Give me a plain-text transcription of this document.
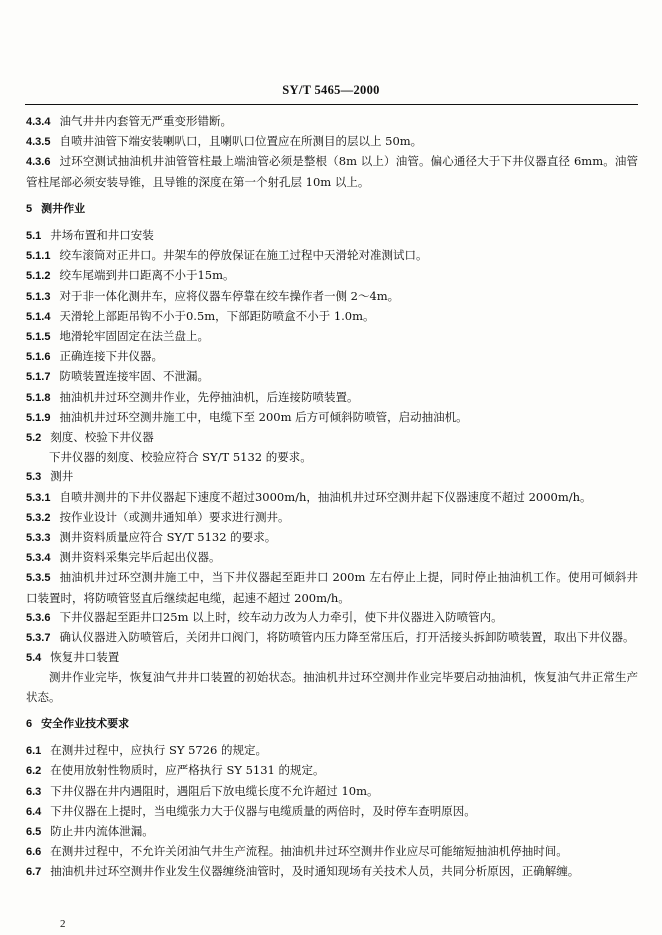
SY/T 5465—2000

4.3.4 油气井井内套管无严重变形错断。

4.3.5 自喷井油管下端安装喇叭口，且喇叭口位置应在所测目的层以上 50m。

4.3.6 过环空测试抽油机井油管管柱最上端油管必须是整根（8m 以上）油管。偏心通径大于下井仪器直径 6mm。油管管柱尾部必须安装导锥，且导锥的深度在第一个射孔层 10m 以上。

5 测井作业

5.1 井场布置和井口安装

5.1.1 绞车滚筒对正井口。井架车的停放保证在施工过程中天滑轮对准测试口。

5.1.2 绞车尾端到井口距离不小于15m。

5.1.3 对于非一体化测井车，应将仪器车停靠在绞车操作者一侧 2～4m。

5.1.4 天滑轮上部距吊钩不小于0.5m，下部距防喷盒不小于 1.0m。

5.1.5 地滑轮牢固固定在法兰盘上。

5.1.6 正确连接下井仪器。

5.1.7 防喷装置连接牢固、不泄漏。

5.1.8 抽油机井过环空测井作业，先停抽油机，后连接防喷装置。

5.1.9 抽油机井过环空测井施工中，电缆下至 200m 后方可倾斜防喷管，启动抽油机。

5.2 刻度、校验下井仪器

下井仪器的刻度、校验应符合 SY/T 5132 的要求。

5.3 测井

5.3.1 自喷井测井的下井仪器起下速度不超过3000m/h，抽油机井过环空测井起下仪器速度不超过 2000m/h。

5.3.2 按作业设计（或测井通知单）要求进行测井。

5.3.3 测井资料质量应符合 SY/T 5132 的要求。

5.3.4 测井资料采集完毕后起出仪器。

5.3.5 抽油机井过环空测井施工中，当下井仪器起至距井口 200m 左右停止上提，同时停止抽油机工作。使用可倾斜井口装置时，将防喷管竖直后继续起电缆，起速不超过 200m/h。

5.3.6 下井仪器起至距井口25m 以上时，绞车动力改为人力牵引，使下井仪器进入防喷管内。

5.3.7 确认仪器进入防喷管后，关闭井口阀门，将防喷管内压力降至常压后，打开活接头拆卸防喷装置，取出下井仪器。

5.4 恢复井口装置

测井作业完毕，恢复油气井井口装置的初始状态。抽油机井过环空测井作业完毕要启动抽油机，恢复油气井正常生产状态。

6 安全作业技术要求

6.1 在测井过程中，应执行 SY 5726 的规定。

6.2 在使用放射性物质时，应严格执行 SY 5131 的规定。

6.3 下井仪器在井内遇阻时，遇阻后下放电缆长度不允许超过 10m。

6.4 下井仪器在上提时，当电缆张力大于仪器与电缆质量的两倍时，及时停车查明原因。

6.5 防止井内流体泄漏。

6.6 在测井过程中，不允许关闭油气井生产流程。抽油机井过环空测井作业应尽可能缩短抽油机停抽时间。

6.7 抽油机井过环空测井作业发生仪器缠绕油管时，及时通知现场有关技术人员，共同分析原因，正确解缠。

2
